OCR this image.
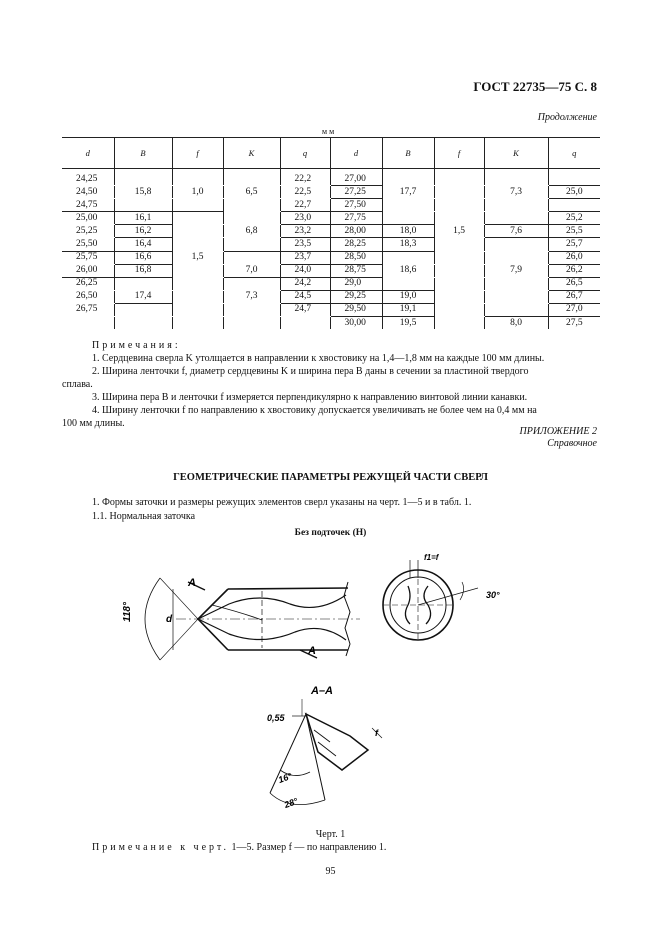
ГОСТ 22735—75 С. 8
Продолжение
мм
d	B	f	K	q	d	B	f	K	q
24,25				22,2	27,00				
24,50	15,8	1,0	6,5	22,5	27,25	17,7		7,3	25,0
24,75				22,7	27,50				
25,00	16,1			23,0	27,75				25,2
25,25	16,2		6,8	23,2	28,00	18,0	1,5	7,6	25,5
25,50	16,4			23,5	28,25	18,3			25,7
25,75	16,6	1,5		23,7	28,50				26,0
26,00	16,8		7,0	24,0	28,75	18,6		7,9	26,2
26,25				24,2	29,0				26,5
26,50	17,4		7,3	24,5	29,25	19,0			26,7
26,75				24,7	29,50	19,1			27,0
					30,00	19,5		8,0	27,5
Примечания:

1. Сердцевина сверла K утолщается в направлении к хвостовику на 1,4—1,8 мм на каждые 100 мм длины.

2. Ширина ленточки f, диаметр сердцевины K и ширина пера B даны в сечении за пластиной твердого

сплава.

3. Ширина пера B и ленточки f измеряется перпендикулярно к направлению винтовой линии канавки.

4. Ширину ленточки f по направлению к хвостовику допускается увеличивать не более чем на 0,4 мм на

100 мм длины.

ПРИЛОЖЕНИЕ 2
Справочное
ГЕОМЕТРИЧЕСКИЕ ПАРАМЕТРЫ РЕЖУЩЕЙ ЧАСТИ СВЕРЛ
1. Формы заточки и размеры режущих элементов сверл указаны на черт. 1—5 и в табл. 1.
1.1. Нормальная заточка
Без подточек (Н)
118°	d
A
A
f1=f
30°
А–А
0,55
16°
28°
f
Черт. 1
Примечание к черт. 1—5. Размер f — по направлению 1.
95
